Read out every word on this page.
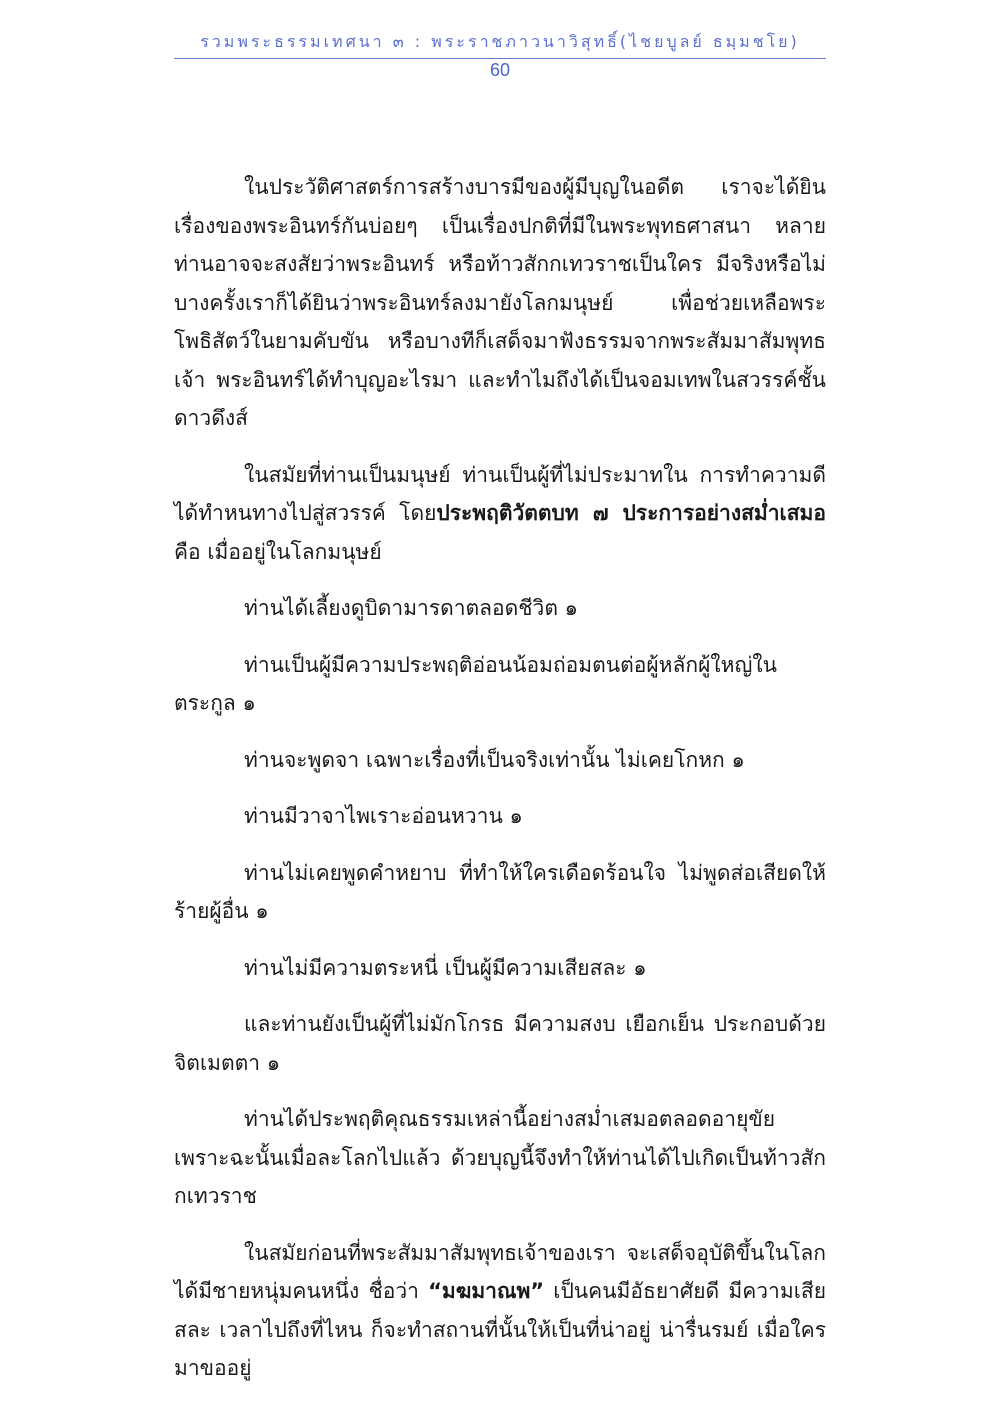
รวมพระธรรมเทศนา ๓ : พระราชภาวนาวิสุทธิ์(ไชยบูลย์ ธมฺมชโย)
60

ในประวัติศาสตร์การสร้างบารมีของผู้มีบุญในอดีต เราจะได้ยินเรื่องของพระอินทร์กันบ่อยๆ เป็นเรื่องปกติที่มีในพระพุทธศาสนา หลายท่านอาจจะสงสัยว่าพระอินทร์ หรือท้าวสักกเทวราชเป็นใคร มีจริงหรือไม่ บางครั้งเราก็ได้ยินว่าพระอินทร์ลงมายังโลกมนุษย์ เพื่อช่วยเหลือพระโพธิสัตว์ในยามคับขัน หรือบางทีก็เสด็จมาฟังธรรมจากพระสัมมาสัมพุทธเจ้า พระอินทร์ได้ทำบุญอะไรมา และทำไมถึงได้เป็นจอมเทพในสวรรค์ชั้นดาวดึงส์

ในสมัยที่ท่านเป็นมนุษย์ ท่านเป็นผู้ที่ไม่ประมาทใน การทำความดี ได้ทำหนทางไปสู่สวรรค์ โดยประพฤติวัตตบท ๗ ประการอย่างสม่ำเสมอ คือ เมื่ออยู่ในโลกมนุษย์

ท่านได้เลี้ยงดูบิดามารดาตลอดชีวิต ๑

ท่านเป็นผู้มีความประพฤติอ่อนน้อมถ่อมตนต่อผู้หลักผู้ใหญ่ในตระกูล ๑

ท่านจะพูดจา เฉพาะเรื่องที่เป็นจริงเท่านั้น ไม่เคยโกหก ๑

ท่านมีวาจาไพเราะอ่อนหวาน ๑

ท่านไม่เคยพูดคำหยาบ ที่ทำให้ใครเดือดร้อนใจ ไม่พูดส่อเสียดให้ร้ายผู้อื่น ๑

ท่านไม่มีความตระหนี่ เป็นผู้มีความเสียสละ ๑

และท่านยังเป็นผู้ที่ไม่มักโกรธ มีความสงบ เยือกเย็น ประกอบด้วยจิตเมตตา ๑

ท่านได้ประพฤติคุณธรรมเหล่านี้อย่างสม่ำเสมอตลอดอายุขัย เพราะฉะนั้นเมื่อละโลกไปแล้ว ด้วยบุญนี้จึงทำให้ท่านได้ไปเกิดเป็นท้าวสักกเทวราช

ในสมัยก่อนที่พระสัมมาสัมพุทธเจ้าของเรา จะเสด็จอุบัติขึ้นในโลก ได้มีชายหนุ่มคนหนึ่ง ชื่อว่า “มฆมาณพ” เป็นคนมีอัธยาศัยดี มีความเสียสละ เวลาไปถึงที่ไหน ก็จะทำสถานที่นั้นให้เป็นที่น่าอยู่ น่ารื่นรมย์ เมื่อใครมาขออยู่
